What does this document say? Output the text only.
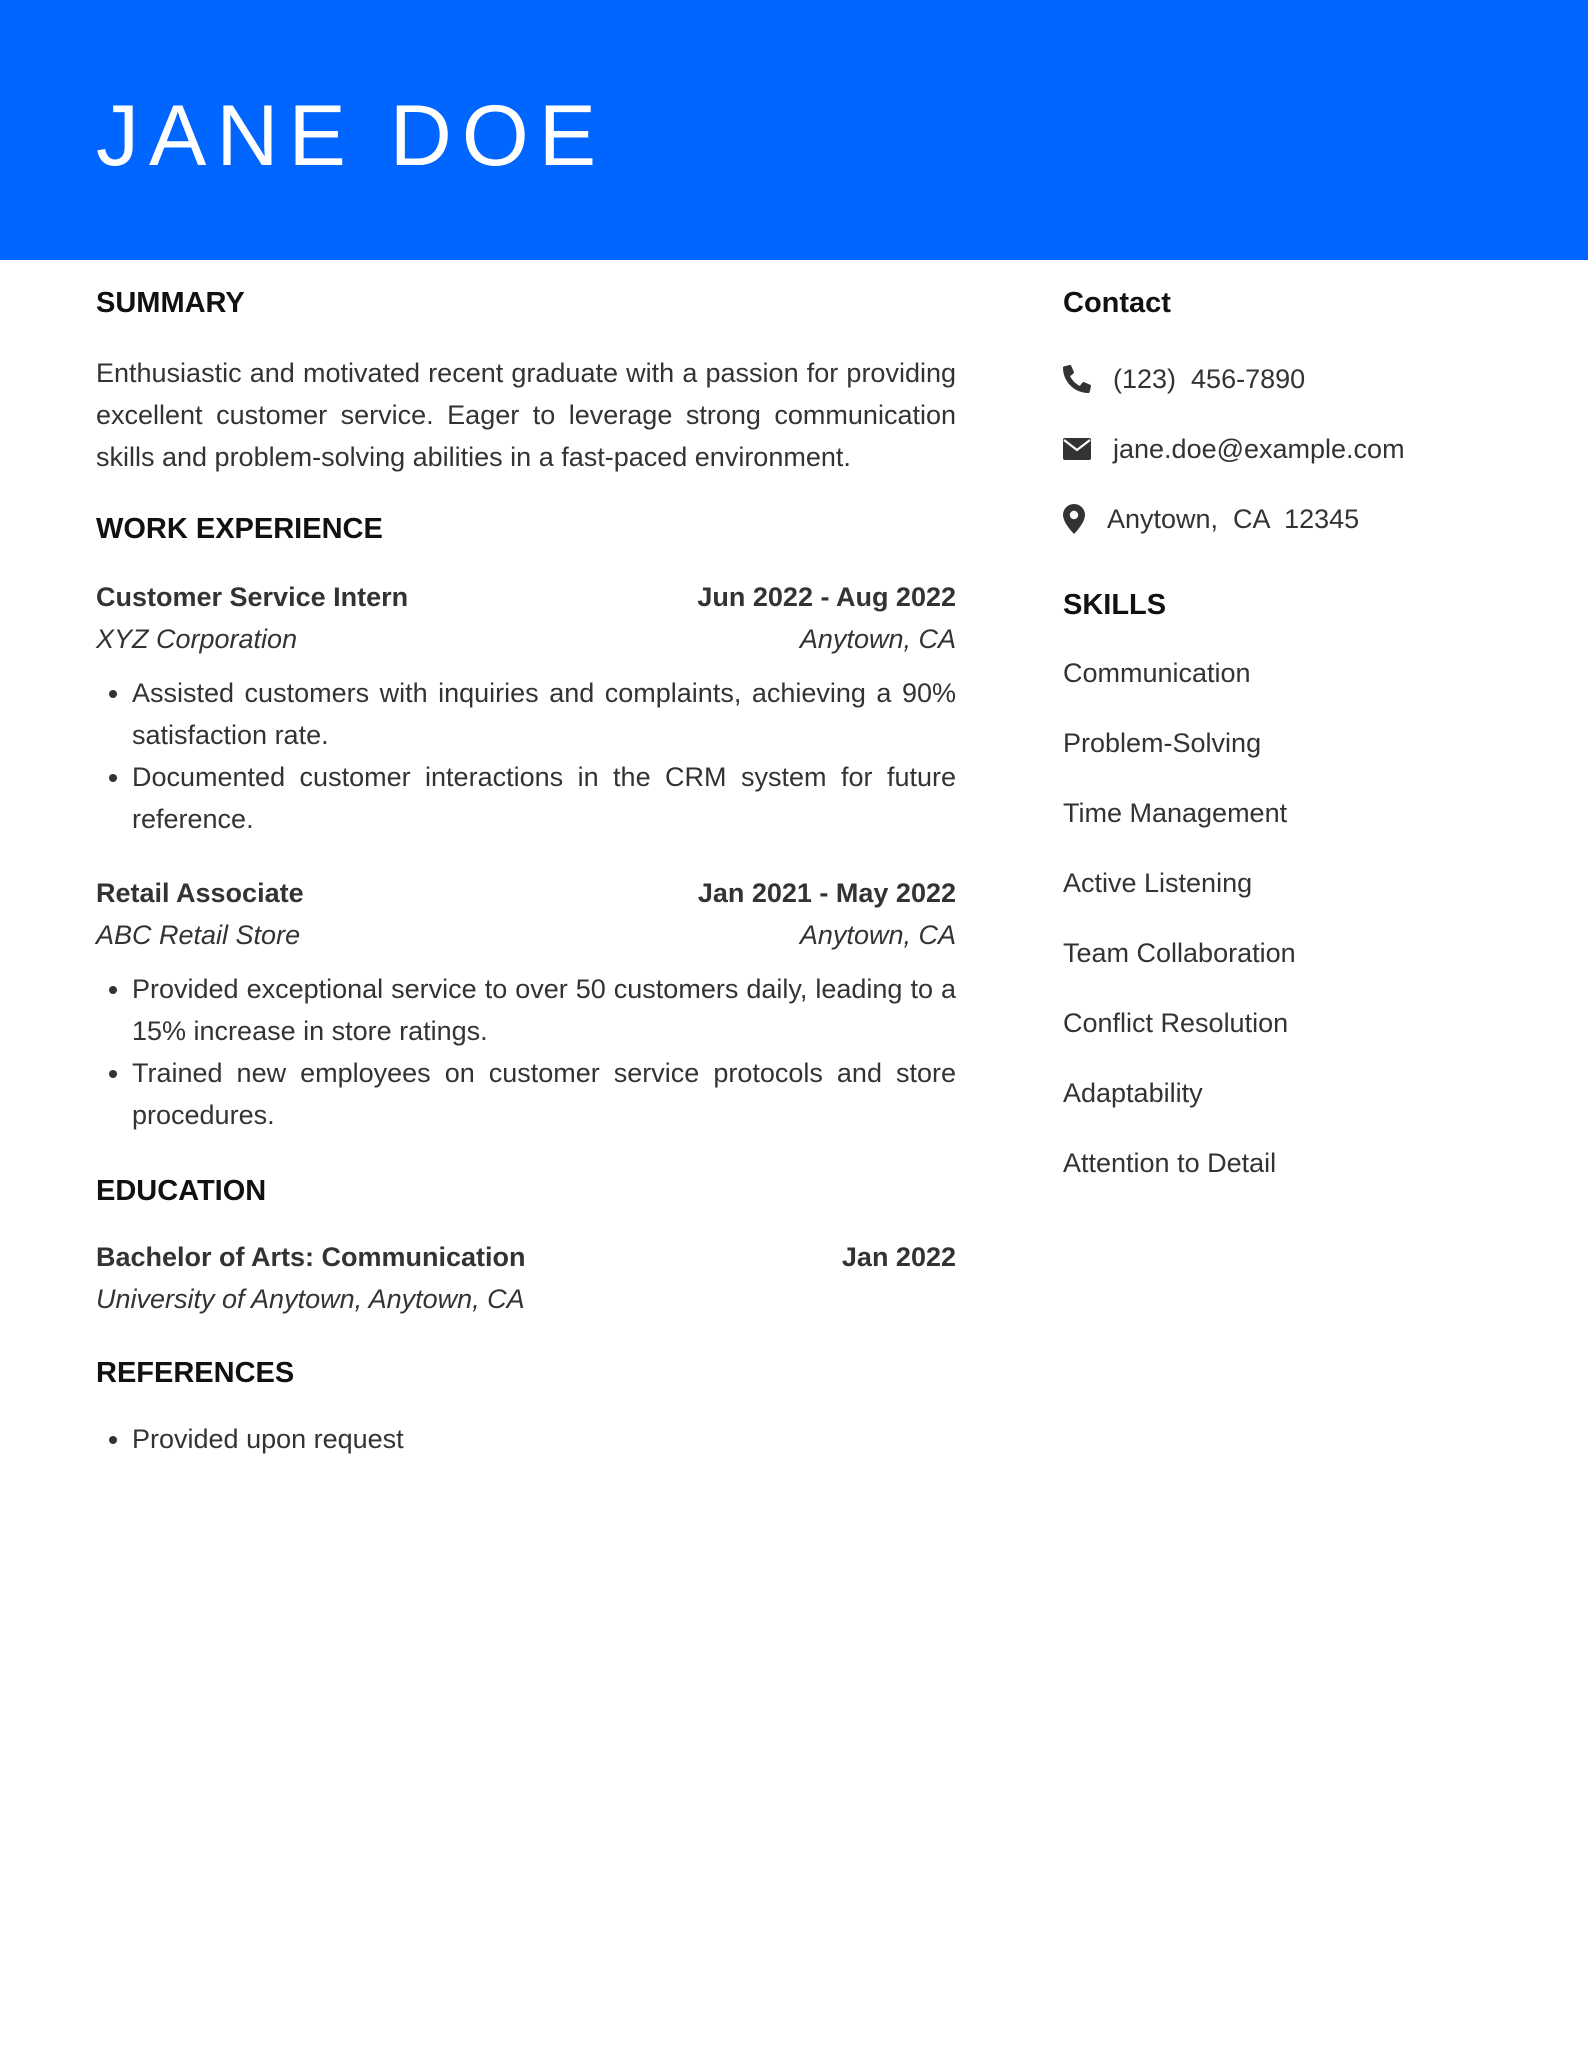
JANE DOE
SUMMARY

Enthusiastic and motivated recent graduate with a passion for providing excellent customer service. Eager to leverage strong communication skills and problem-solving abilities in a fast-paced environment.

WORK EXPERIENCE
Customer Service Intern	Jun 2022 - Aug 2022
XYZ Corporation	Anytown, CA
• Assisted customers with inquiries and complaints, achieving a 90% satisfaction rate.
• Documented customer interactions in the CRM system for future reference.
Retail Associate	Jan 2021 - May 2022
ABC Retail Store	Anytown, CA
• Provided exceptional service to over 50 customers daily, leading to a 15% increase in store ratings.
• Trained new employees on customer service protocols and store procedures.
EDUCATION
Bachelor of Arts: Communication	Jan 2022
University of Anytown, Anytown, CA
REFERENCES
• Provided upon request
Contact
(123)  456-7890
jane.doe@example.com
Anytown,  CA  12345
SKILLS
Communication
Problem-Solving
Time Management
Active Listening
Team Collaboration
Conflict Resolution
Adaptability
Attention to Detail
